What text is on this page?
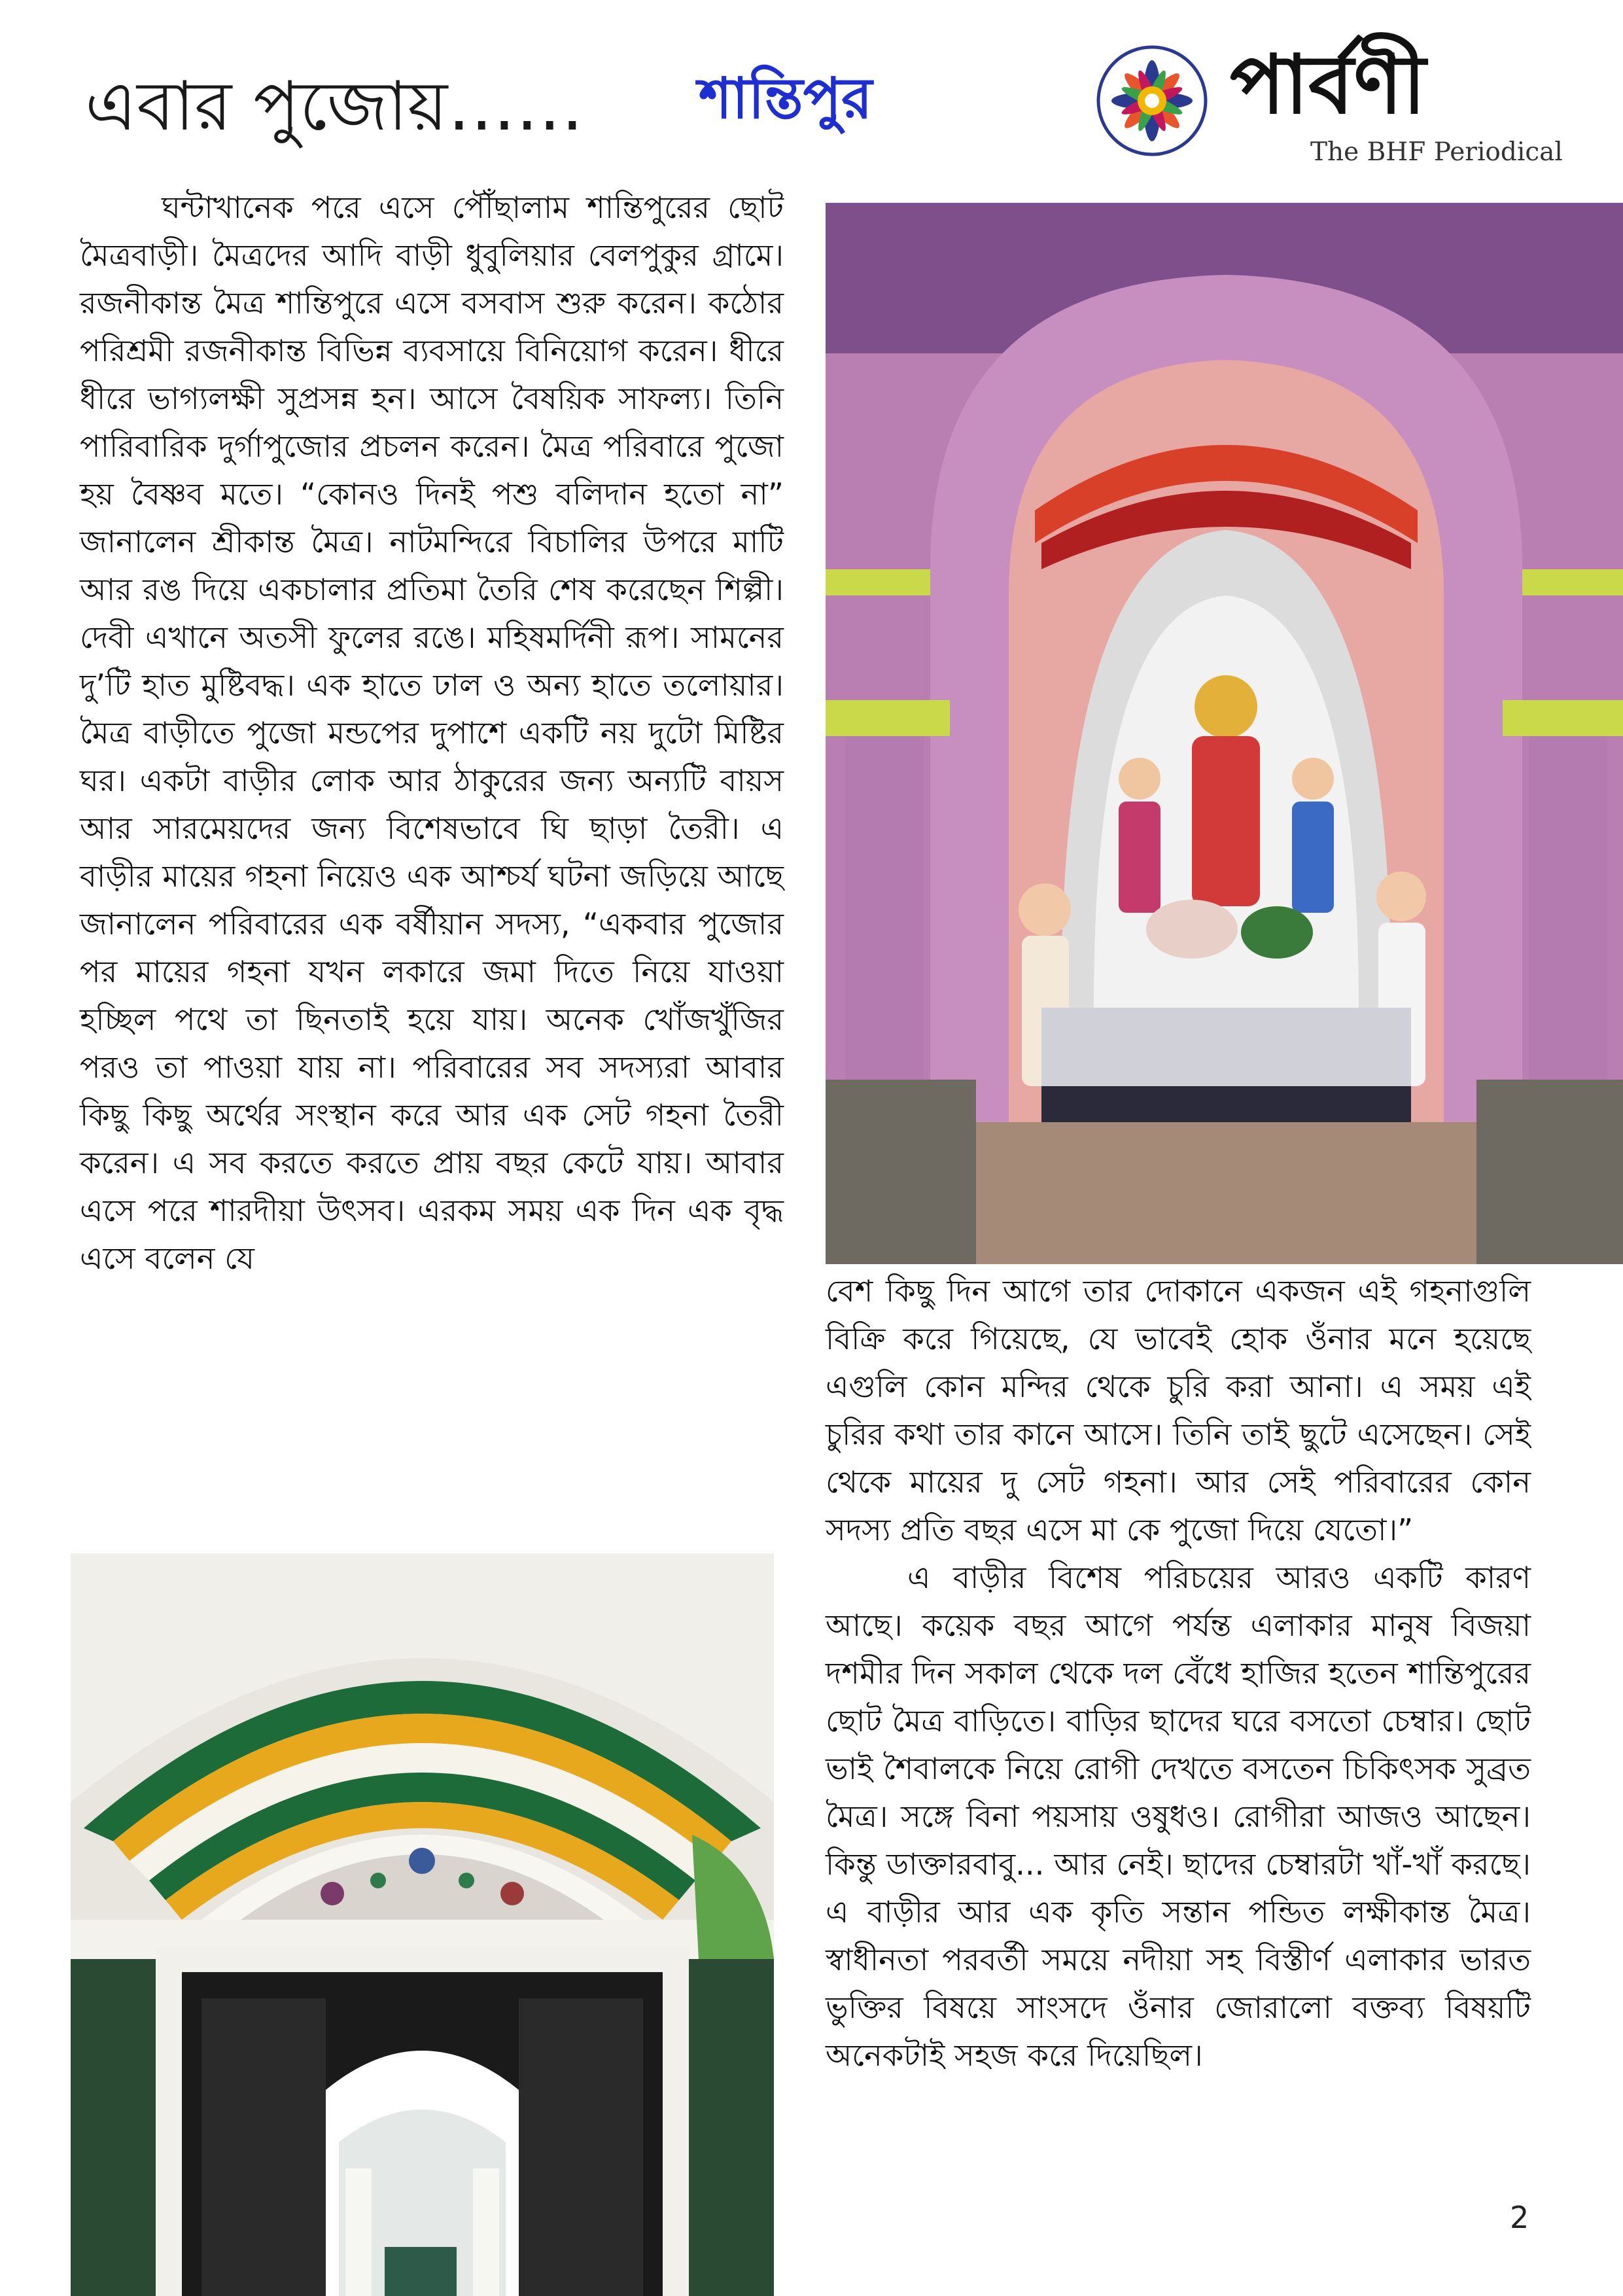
এবার পুজোয়…… শান্তিপুর	পার্বণী
The BHF Periodical

ঘন্টাখানেক পরে এসে পৌঁছালাম শান্তিপুরের ছোট মৈত্রবাড়ী। মৈত্রদের আদি বাড়ী ধুবুলিয়ার বেলপুকুর গ্রামে। রজনীকান্ত মৈত্র শান্তিপুরে এসে বসবাস শুরু করেন। কঠোর পরিশ্রমী রজনীকান্ত বিভিন্ন ব্যবসায়ে বিনিয়োগ করেন। ধীরে ধীরে ভাগ্যলক্ষী সুপ্রসন্ন হন। আসে বৈষয়িক সাফল্য। তিনি পারিবারিক দুর্গাপুজোর প্রচলন করেন। মৈত্র পরিবারে পুজো হয় বৈষ্ণব মতে। “কোনও দিনই পশু বলিদান হতো না” জানালেন শ্রীকান্ত মৈত্র। নাটমন্দিরে বিচালির উপরে মাটি আর রঙ দিয়ে একচালার প্রতিমা তৈরি শেষ করেছেন শিল্পী। দেবী এখানে অতসী ফুলের রঙে। মহিষমর্দিনী রূপ। সামনের দু’টি হাত মুষ্টিবদ্ধ। এক হাতে ঢাল ও অন্য হাতে তলোয়ার। মৈত্র বাড়ীতে পুজো মন্ডপের দুপাশে একটি নয় দুটো মিষ্টির ঘর। একটা বাড়ীর লোক আর ঠাকুরের জন্য অন্যটি বায়স আর সারমেয়দের জন্য বিশেষভাবে ঘি ছাড়া তৈরী। এ বাড়ীর মায়ের গহনা নিয়েও এক আশ্চর্য ঘটনা জড়িয়ে আছে জানালেন পরিবারের এক বর্ষীয়ান সদস্য, “একবার পুজোর পর মায়ের গহনা যখন লকারে জমা দিতে নিয়ে যাওয়া হচ্ছিল পথে তা ছিনতাই হয়ে যায়। অনেক খোঁজখুঁজির পরও তা পাওয়া যায় না। পরিবারের সব সদস্যরা আবার কিছু কিছু অর্থের সংস্থান করে আর এক সেট গহনা তৈরী করেন। এ সব করতে করতে প্রায় বছর কেটে যায়। আবার এসে পরে শারদীয়া উৎসব। এরকম সময় এক দিন এক বৃদ্ধ এসে বলেন যে

বেশ কিছু দিন আগে তার দোকানে একজন এই গহনাগুলি বিক্রি করে গিয়েছে, যে ভাবেই হোক ওঁনার মনে হয়েছে এগুলি কোন মন্দির থেকে চুরি করা আনা। এ সময় এই চুরির কথা তার কানে আসে। তিনি তাই ছুটে এসেছেন। সেই থেকে মায়ের দু সেট গহনা। আর সেই পরিবারের কোন সদস্য প্রতি বছর এসে মা কে পুজো দিয়ে যেতো।”

এ বাড়ীর বিশেষ পরিচয়ের আরও একটি কারণ আছে। কয়েক বছর আগে পর্যন্ত এলাকার মানুষ বিজয়া দশমীর দিন সকাল থেকে দল বেঁধে হাজির হতেন শান্তিপুরের ছোট মৈত্র বাড়িতে। বাড়ির ছাদের ঘরে বসতো চেম্বার। ছোট ভাই শৈবালকে নিয়ে রোগী দেখতে বসতেন চিকিৎসক সুব্রত মৈত্র। সঙ্গে বিনা পয়সায় ওষুধও। রোগীরা আজও আছেন। কিন্তু ডাক্তারবাবু... আর নেই। ছাদের চেম্বারটা খাঁ-খাঁ করছে। এ বাড়ীর আর এক কৃতি সন্তান পন্ডিত লক্ষীকান্ত মৈত্র। স্বাধীনতা পরবর্তী সময়ে নদীয়া সহ বিস্তীর্ণ এলাকার ভারত ভুক্তির বিষয়ে সাংসদে ওঁনার জোরালো বক্তব্য বিষয়টি অনেকটাই সহজ করে দিয়েছিল।

2
